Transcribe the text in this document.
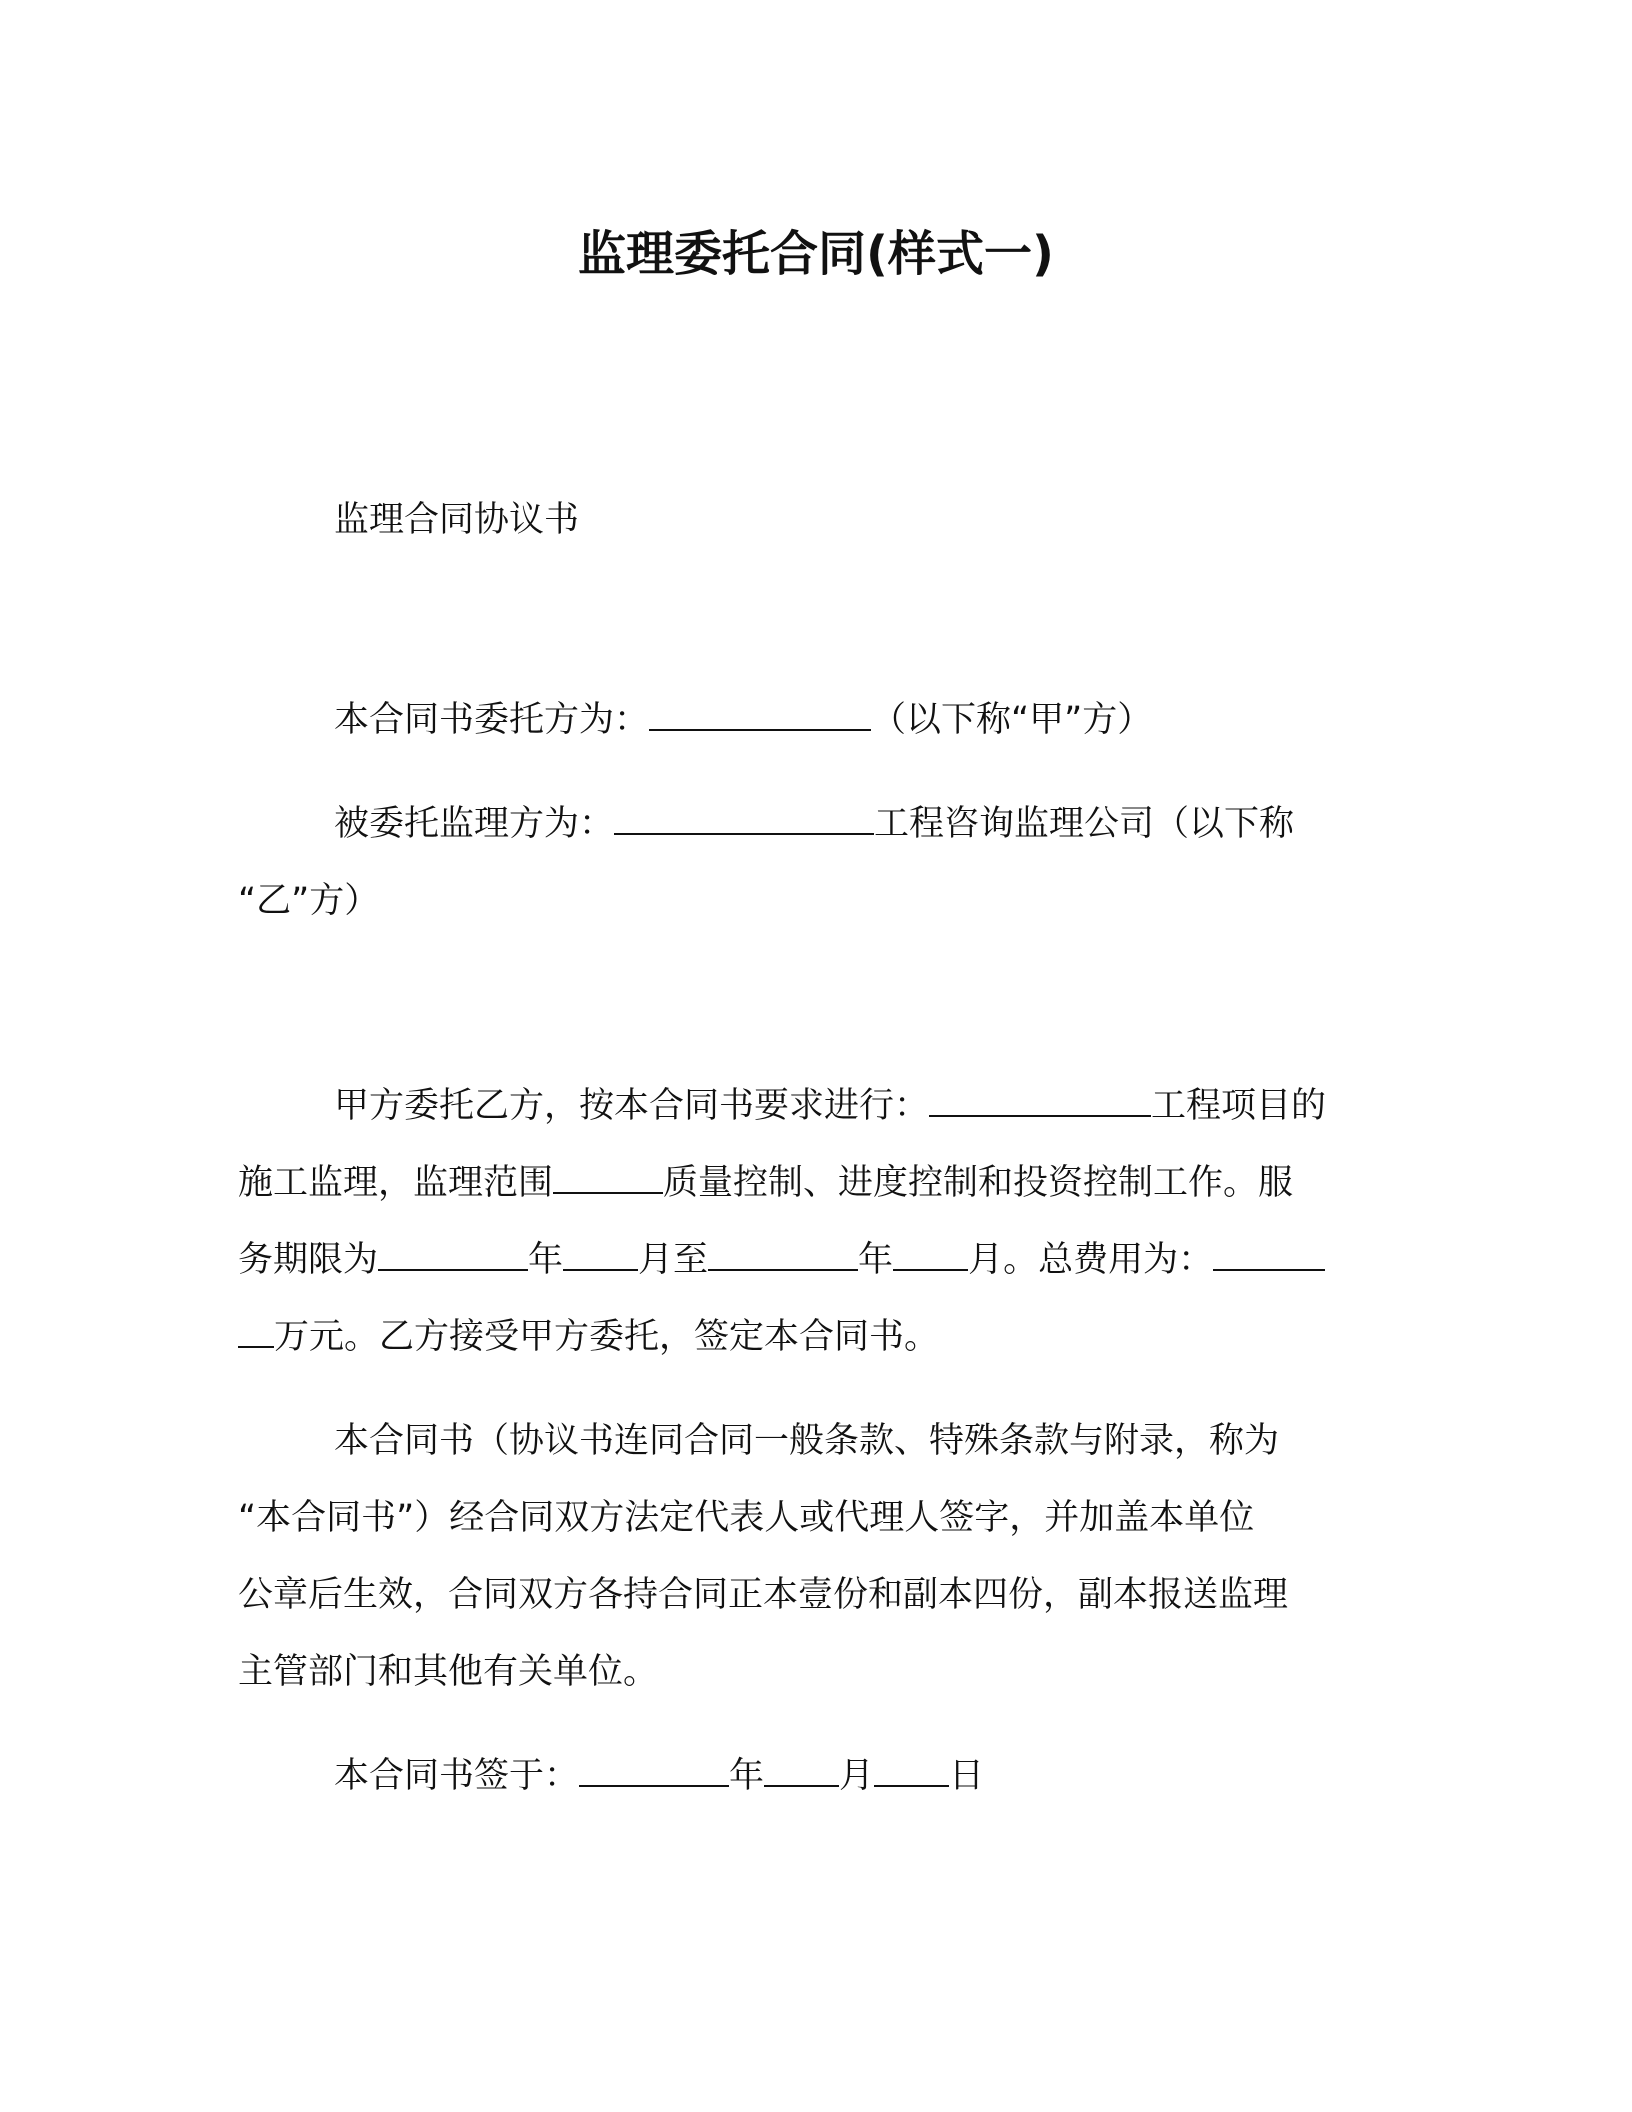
监理委托合同(样式一)
监理合同协议书
本合同书委托方为：	（以下称“甲”方）
被委托监理方为：	工程咨询监理公司（以下称
“乙”方）
甲方委托乙方，按本合同书要求进行：	工程项目的
施工监理，监理范围	质量控制、进度控制和投资控制工作。服
务期限为	年 月至	年 月。总费用为：
万元。乙方接受甲方委托，签定本合同书。
本合同书（协议书连同合同一般条款、特殊条款与附录，称为
“本合同书”）经合同双方法定代表人或代理人签字，并加盖本单位
公章后生效，合同双方各持合同正本壹份和副本四份，副本报送监理
主管部门和其他有关单位。
本合同书签于：	年 月 日
